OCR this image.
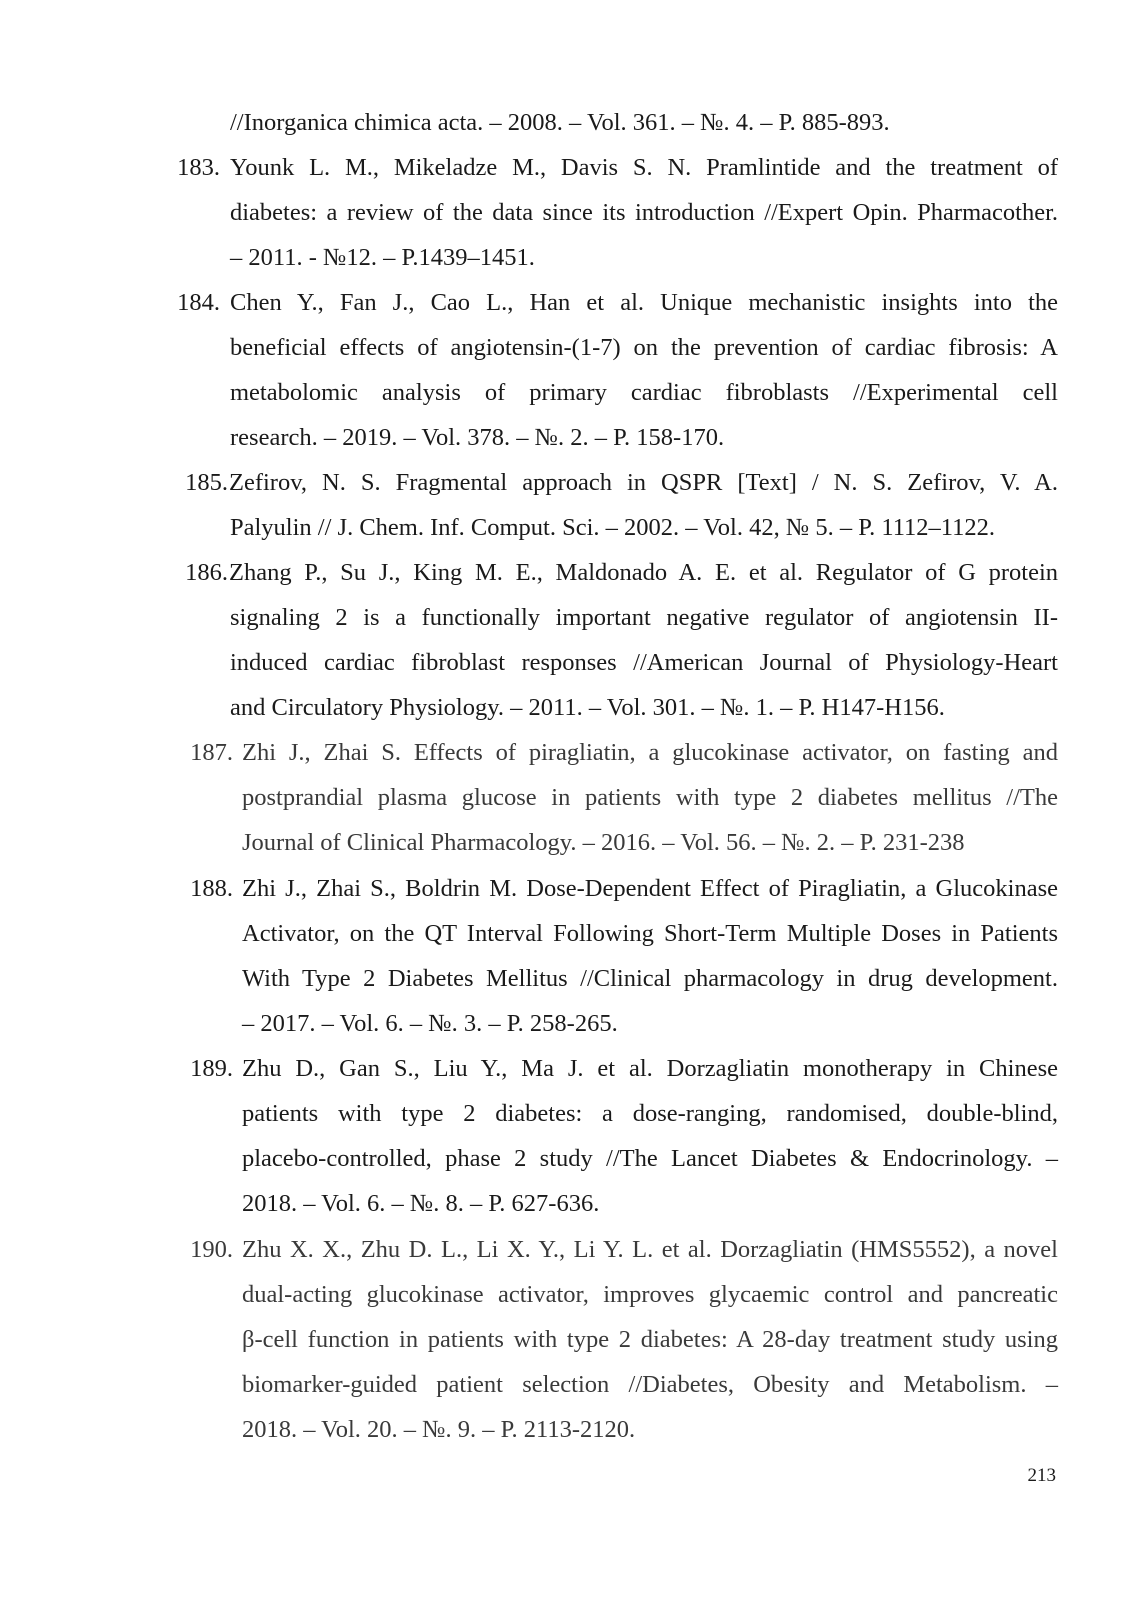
//Inorganica chimica acta. – 2008. – Vol. 361. – №. 4. – P. 885-893.
183. Younk L. M., Mikeladze M., Davis S. N. Pramlintide and the treatment of
diabetes: a review of the data since its introduction //Expert Opin. Pharmacother.
– 2011. - №12. – P.1439–1451.
184. Chen Y., Fan J., Cao L., Han et al. Unique mechanistic insights into the
beneficial effects of angiotensin-(1-7) on the prevention of cardiac fibrosis: A
metabolomic analysis of primary cardiac fibroblasts //Experimental cell
research. – 2019. – Vol. 378. – №. 2. – P. 158-170.
185. Zefirov, N. S. Fragmental approach in QSPR [Text] / N. S. Zefirov, V. A.
Palyulin // J. Chem. Inf. Comput. Sci. – 2002. – Vol. 42, № 5. – P. 1112–1122.
186. Zhang P., Su J., King M. E., Maldonado A. E. et al. Regulator of G protein
signaling 2 is a functionally important negative regulator of angiotensin II-
induced cardiac fibroblast responses //American Journal of Physiology-Heart
and Circulatory Physiology. – 2011. – Vol. 301. – №. 1. – P. H147-H156.
187. Zhi J., Zhai S. Effects of piragliatin, a glucokinase activator, on fasting and
postprandial plasma glucose in patients with type 2 diabetes mellitus //The
Journal of Clinical Pharmacology. – 2016. – Vol. 56. – №. 2. – P. 231-238
188. Zhi J., Zhai S., Boldrin M. Dose-Dependent Effect of Piragliatin, a Glucokinase
Activator, on the QT Interval Following Short-Term Multiple Doses in Patients
With Type 2 Diabetes Mellitus //Clinical pharmacology in drug development.
– 2017. – Vol. 6. – №. 3. – P. 258-265.
189. Zhu D., Gan S., Liu Y., Ma J. et al. Dorzagliatin monotherapy in Chinese
patients with type 2 diabetes: a dose-ranging, randomised, double-blind,
placebo-controlled, phase 2 study //The Lancet Diabetes & Endocrinology. –
2018. – Vol. 6. – №. 8. – P. 627-636.
190. Zhu X. X., Zhu D. L., Li X. Y., Li Y. L. et al. Dorzagliatin (HMS5552), a novel
dual-acting glucokinase activator, improves glycaemic control and pancreatic
β-cell function in patients with type 2 diabetes: A 28-day treatment study using
biomarker-guided patient selection //Diabetes, Obesity and Metabolism. –
2018. – Vol. 20. – №. 9. – P. 2113-2120.
213
